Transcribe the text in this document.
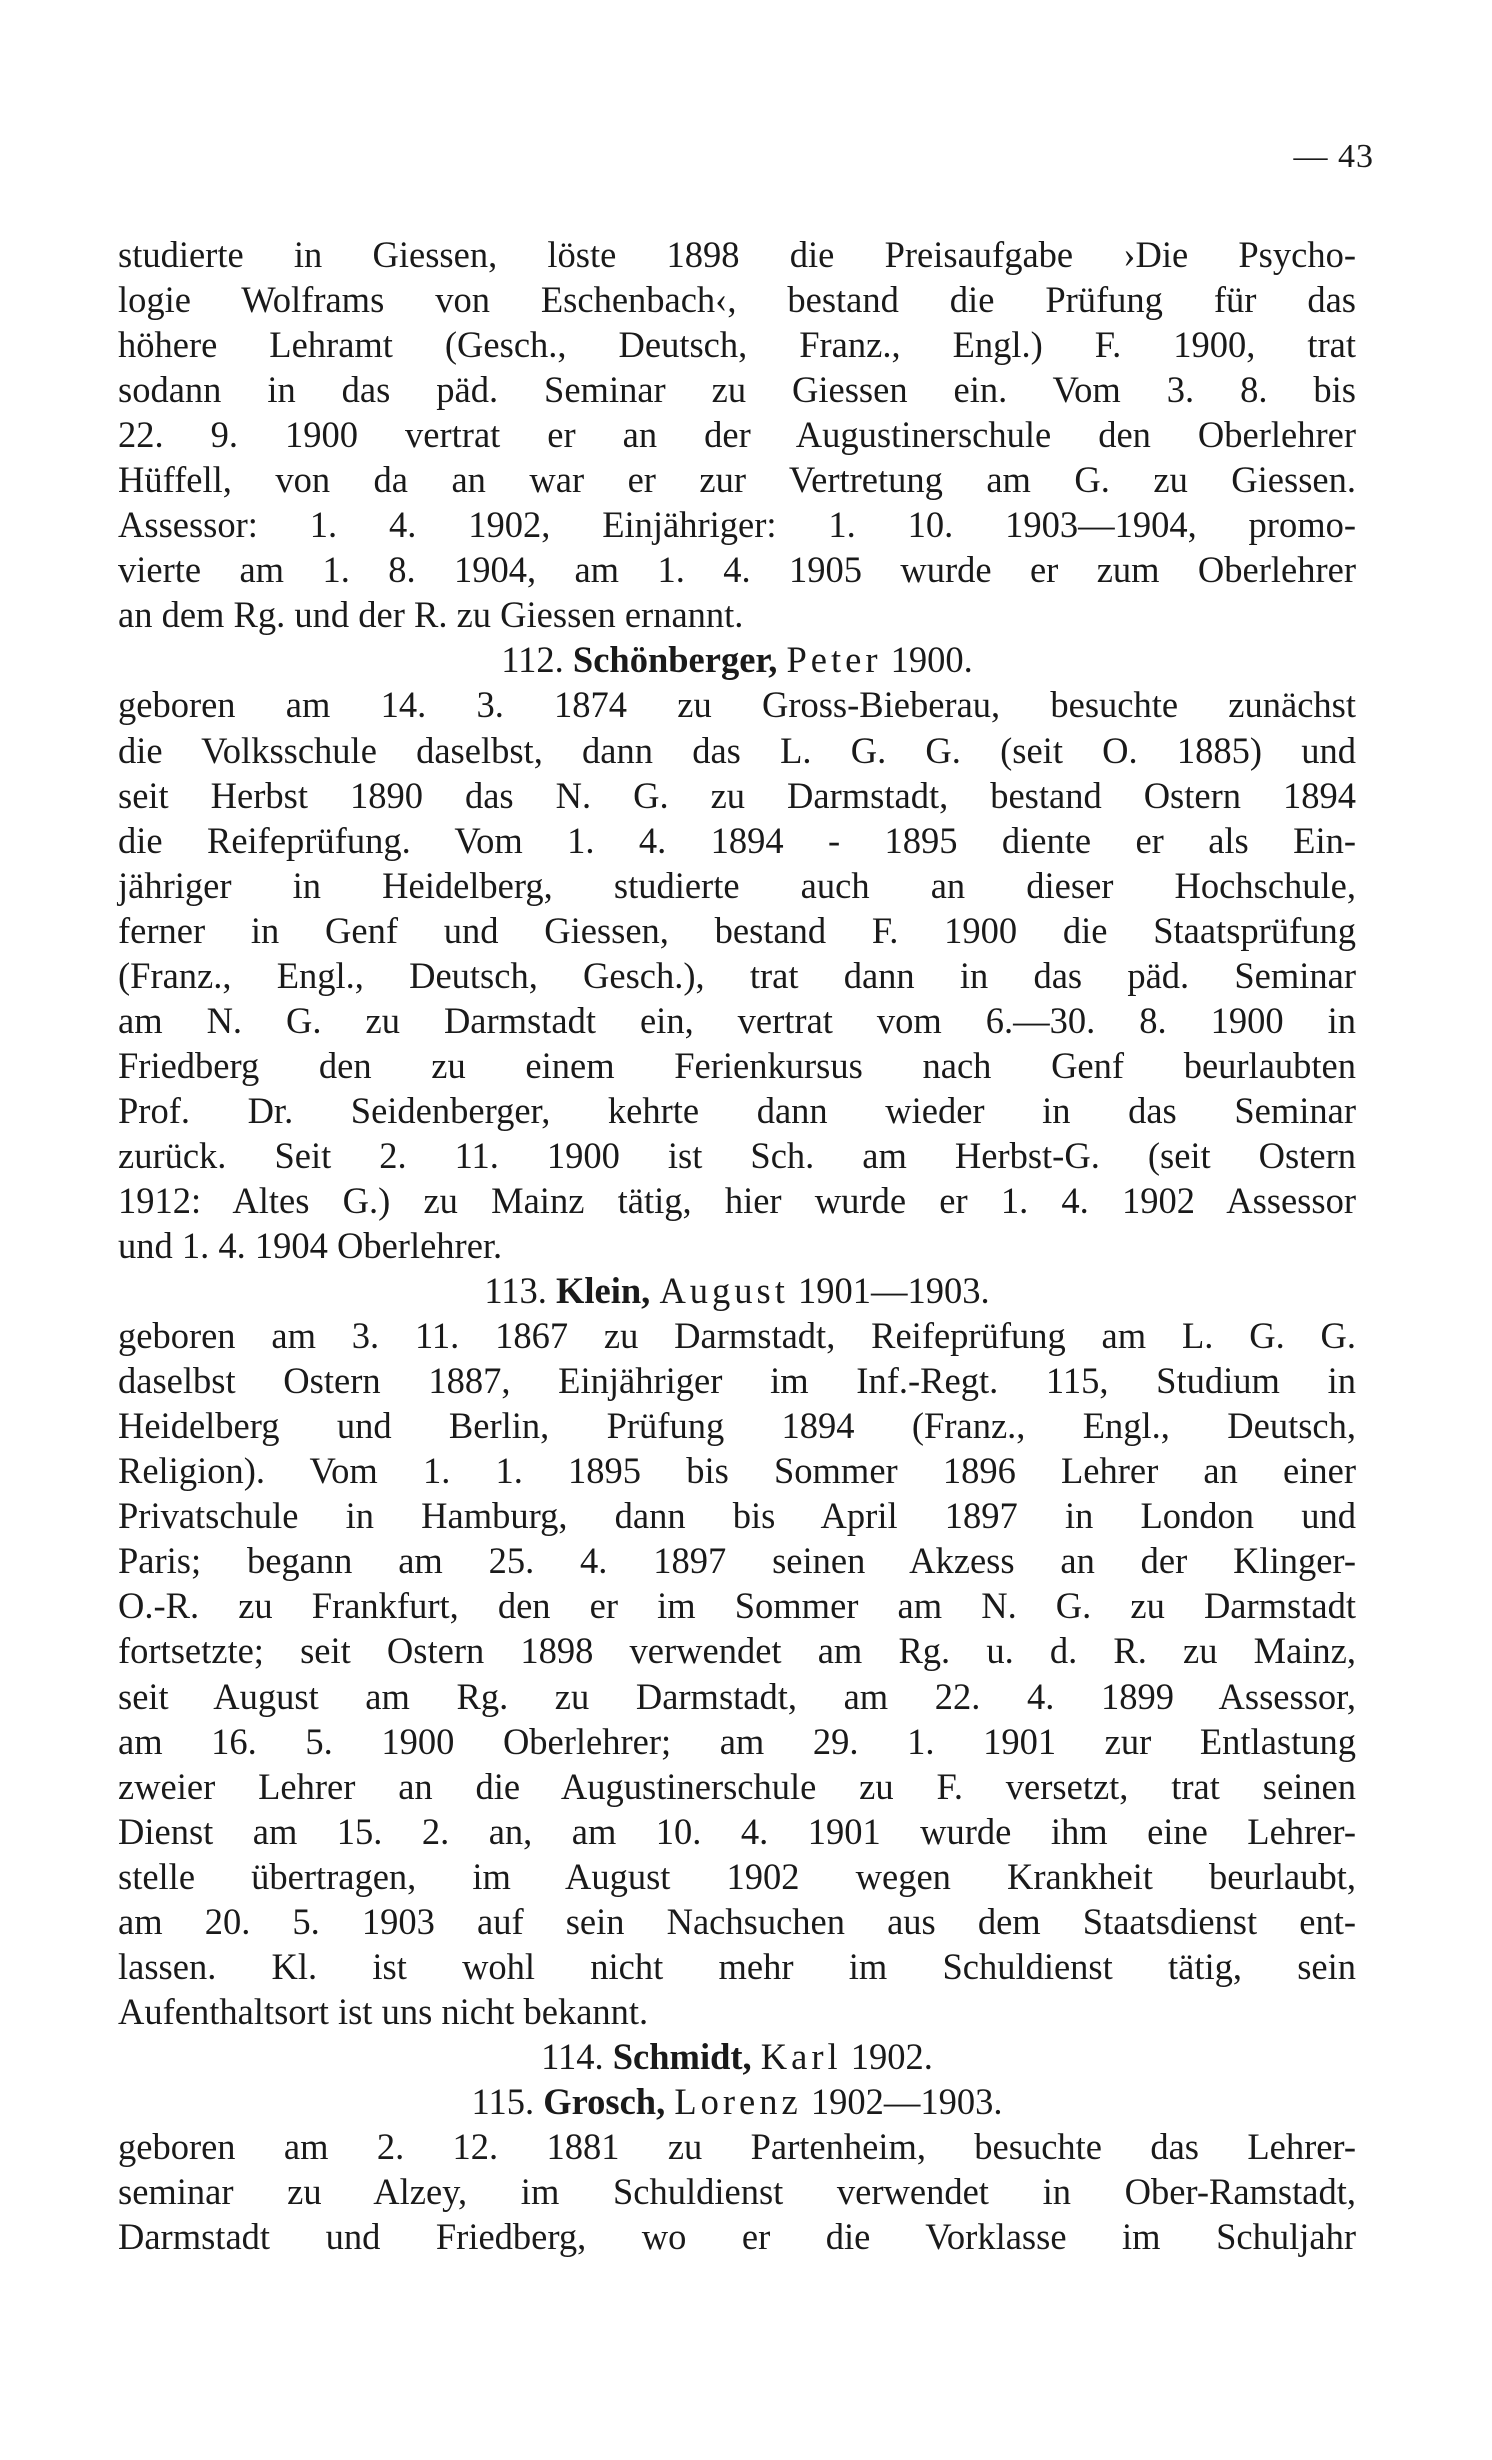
— 43
studierte in Giessen, löste 1898 die Preisaufgabe ›Die Psycho-
logie Wolframs von Eschenbach‹, bestand die Prüfung für das
höhere Lehramt (Gesch., Deutsch, Franz., Engl.) F. 1900, trat
sodann in das päd. Seminar zu Giessen ein. Vom 3. 8. bis
22. 9. 1900 vertrat er an der Augustinerschule den Oberlehrer
Hüffell, von da an war er zur Vertretung am G. zu Giessen.
Assessor: 1. 4. 1902, Einjähriger: 1. 10. 1903—1904, promo-
vierte am 1. 8. 1904, am 1. 4. 1905 wurde er zum Oberlehrer
an dem Rg. und der R. zu Giessen ernannt.
112. Schönberger, Peter 1900.
geboren am 14. 3. 1874 zu Gross-Bieberau, besuchte zunächst
die Volksschule daselbst, dann das L. G. G. (seit O. 1885) und
seit Herbst 1890 das N. G. zu Darmstadt, bestand Ostern 1894
die Reifeprüfung. Vom 1. 4. 1894 - 1895 diente er als Ein-
jähriger in Heidelberg, studierte auch an dieser Hochschule,
ferner in Genf und Giessen, bestand F. 1900 die Staatsprüfung
(Franz., Engl., Deutsch, Gesch.), trat dann in das päd. Seminar
am N. G. zu Darmstadt ein, vertrat vom 6.—30. 8. 1900 in
Friedberg den zu einem Ferienkursus nach Genf beurlaubten
Prof. Dr. Seidenberger, kehrte dann wieder in das Seminar
zurück. Seit 2. 11. 1900 ist Sch. am Herbst-G. (seit Ostern
1912: Altes G.) zu Mainz tätig, hier wurde er 1. 4. 1902 Assessor
und 1. 4. 1904 Oberlehrer.
113. Klein, August 1901—1903.
geboren am 3. 11. 1867 zu Darmstadt, Reifeprüfung am L. G. G.
daselbst Ostern 1887, Einjähriger im Inf.-Regt. 115, Studium in
Heidelberg und Berlin, Prüfung 1894 (Franz., Engl., Deutsch,
Religion). Vom 1. 1. 1895 bis Sommer 1896 Lehrer an einer
Privatschule in Hamburg, dann bis April 1897 in London und
Paris; begann am 25. 4. 1897 seinen Akzess an der Klinger-
O.-R. zu Frankfurt, den er im Sommer am N. G. zu Darmstadt
fortsetzte; seit Ostern 1898 verwendet am Rg. u. d. R. zu Mainz,
seit August am Rg. zu Darmstadt, am 22. 4. 1899 Assessor,
am 16. 5. 1900 Oberlehrer; am 29. 1. 1901 zur Entlastung
zweier Lehrer an die Augustinerschule zu F. versetzt, trat seinen
Dienst am 15. 2. an, am 10. 4. 1901 wurde ihm eine Lehrer-
stelle übertragen, im August 1902 wegen Krankheit beurlaubt,
am 20. 5. 1903 auf sein Nachsuchen aus dem Staatsdienst ent-
lassen. Kl. ist wohl nicht mehr im Schuldienst tätig, sein
Aufenthaltsort ist uns nicht bekannt.
114. Schmidt, Karl 1902.
115. Grosch, Lorenz 1902—1903.
geboren am 2. 12. 1881 zu Partenheim, besuchte das Lehrer-
seminar zu Alzey, im Schuldienst verwendet in Ober-Ramstadt,
Darmstadt und Friedberg, wo er die Vorklasse im Schuljahr
